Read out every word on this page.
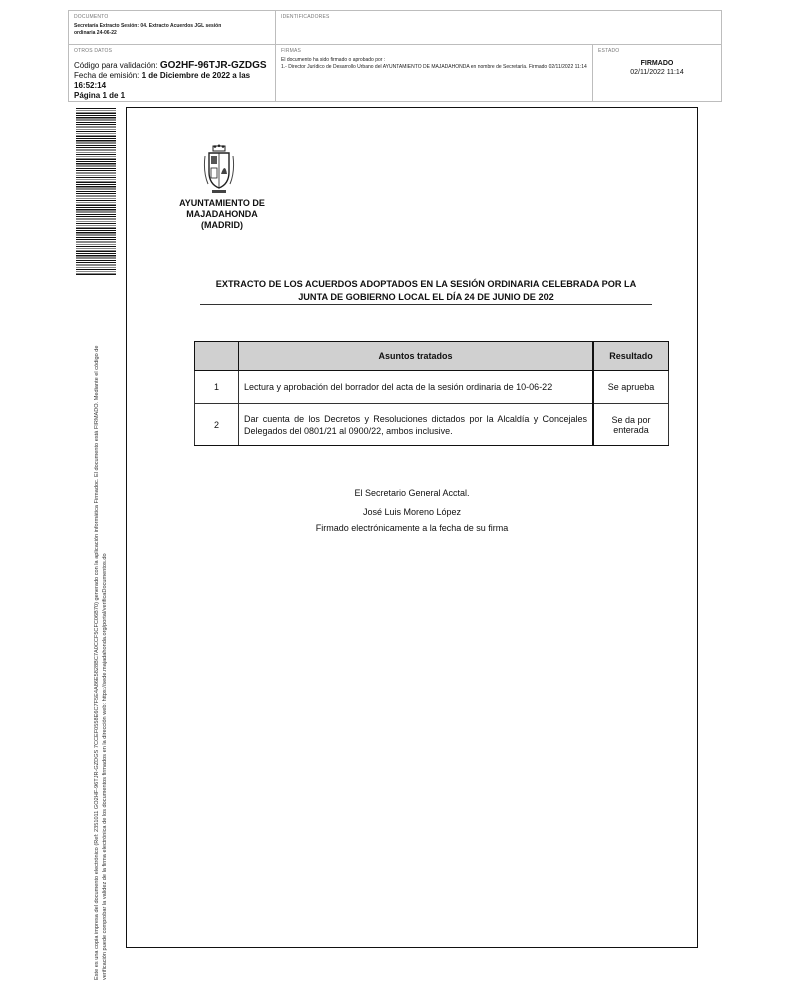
DOCUMENTO
Secretaría Extracto Sesión: 04. Extracto Acuerdos JGL sesión ordinaria 24-06-22
IDENTIFICADORES
OTROS DATOS
Código para validación: GO2HF-96TJR-GZDGS
Fecha de emisión: 1 de Diciembre de 2022 a las 16:52:14
Página 1 de 1
FIRMAS
El documento ha sido firmado o aprobado por :
1.- Director Jurídico de Desarrollo Urbano del AYUNTAMIENTO DE MAJADAHONDA en nombre de Secretaría. Firmado 02/11/2022 11:14
ESTADO
FIRMADO
02/11/2022 11:14
Este es una copia impresa del documento electrónico (Ref: 2351011 GO2HF-96TJR-GZDGS 7CCEF0558E6C7F5E4A86E5828BC7A0CCF5CFC06B70) generado con la aplicación informática Firmadoc. El documento está FIRMADO. Mediante el código de verificación puede comprobar la validez de la firma electrónica de los documentos firmados en la dirección web: https://sede.majadahonda.org/portal/verificaDocumentos.do
AYUNTAMIENTO DE
MAJADAHONDA
(MADRID)
EXTRACTO DE LOS ACUERDOS ADOPTADOS EN LA SESIÓN ORDINARIA CELEBRADA POR LA
JUNTA DE GOBIERNO LOCAL EL DÍA 24 DE JUNIO DE 202
	Asuntos tratados	Resultado
1	Lectura y aprobación del borrador del acta de la sesión ordinaria de 10-06-22	Se aprueba
2	Dar cuenta de los Decretos y Resoluciones dictados por la Alcaldía y Concejales Delegados del 0801/21 al 0900/22, ambos inclusive.	Se da por enterada
El Secretario General Acctal.
José Luis Moreno López
Firmado electrónicamente a la fecha de su firma
